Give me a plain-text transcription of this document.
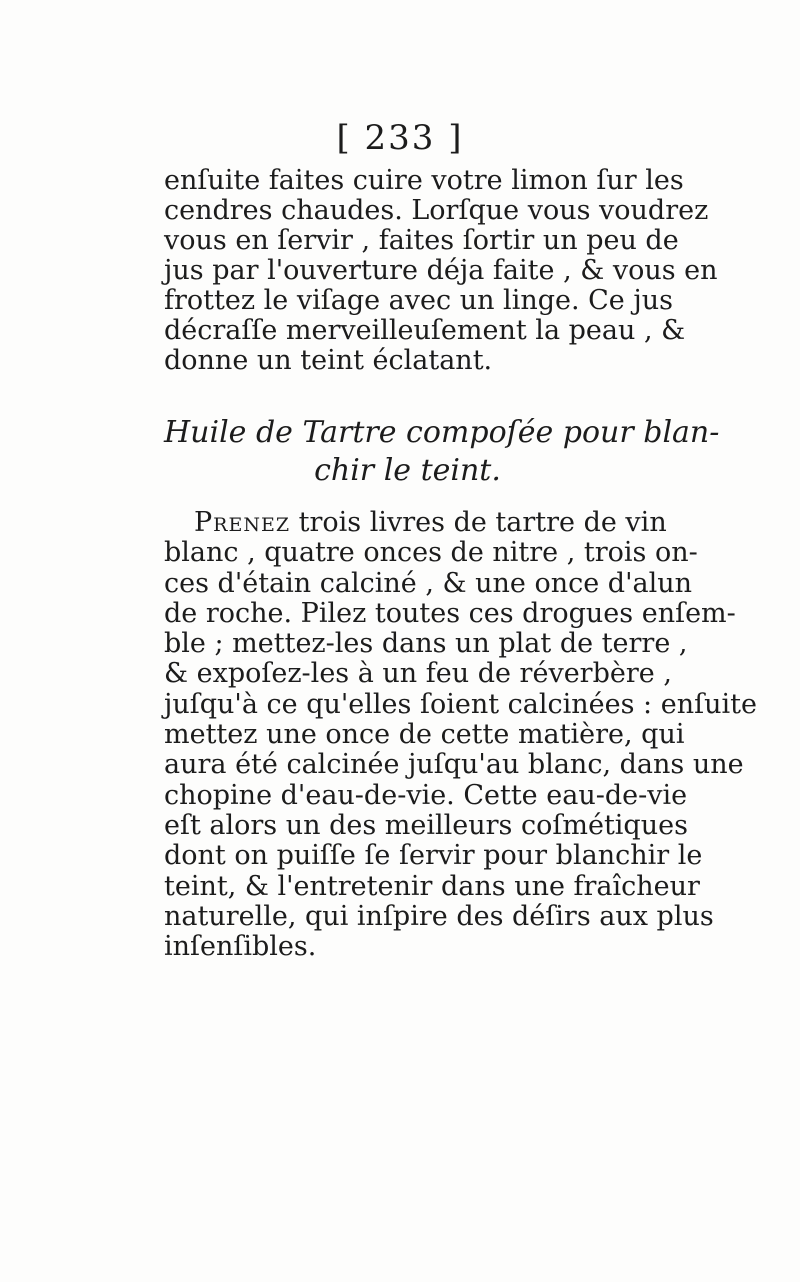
[ 233 ]
enſuite faites cuire votre limon ſur les
cendres chaudes. Lorſque vous voudrez
vous en ſervir , faites ſortir un peu de
jus par l'ouverture déja faite , & vous en
frottez le viſage avec un linge. Ce jus
décraſſe merveilleuſement la peau , &
donne un teint éclatant.
Huile de Tartre compoſée pour blan-
chir le teint.
Prenez trois livres de tartre de vin
blanc , quatre onces de nitre , trois on-
ces d'étain calciné , & une once d'alun
de roche. Pilez toutes ces drogues enſem-
ble ; mettez-les dans un plat de terre ,
& expoſez-les à un feu de réverbère ,
juſqu'à ce qu'elles ſoient calcinées : enſuite
mettez une once de cette matière, qui
aura été calcinée juſqu'au blanc, dans une
chopine d'eau-de-vie. Cette eau-de-vie
eſt alors un des meilleurs coſmétiques
dont on puiſſe ſe ſervir pour blanchir le
teint, & l'entretenir dans une fraîcheur
naturelle, qui inſpire des déſirs aux plus
inſenſibles.
